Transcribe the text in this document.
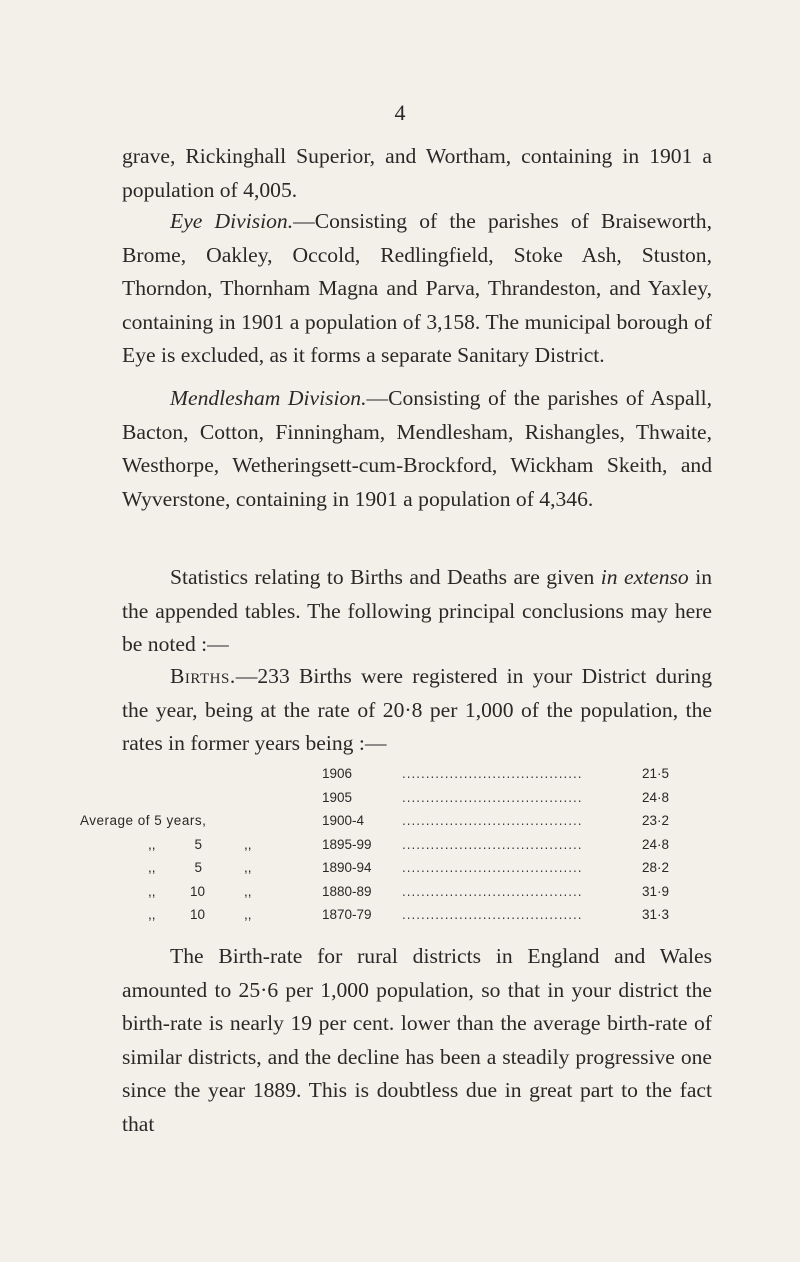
4

grave, Rickinghall Superior, and Wortham, containing in 1901 a population of 4,005.

Eye Division.—Consisting of the parishes of Braiseworth, Brome, Oakley, Occold, Redlingfield, Stoke Ash, Stuston, Thorndon, Thornham Magna and Parva, Thrandeston, and Yaxley, containing in 1901 a population of 3,158. The municipal borough of Eye is excluded, as it forms a separate Sanitary District.

Mendlesham Division.—Consisting of the parishes of Aspall, Bacton, Cotton, Finningham, Mendlesham, Rishangles, Thwaite, Westhorpe, Wetheringsett-cum-Brockford, Wickham Skeith, and Wyverstone, containing in 1901 a population of 4,346.

Statistics relating to Births and Deaths are given in extenso in the appended tables. The following principal conclusions may here be noted :—

Births.—233 Births were registered in your District during the year, being at the rate of 20·8 per 1,000 of the population, the rates in former years being :—

1906	......................................	21·5
1905	......................................	24·8
Average of 5 years,	1900-4	......................................	23·2
,,	5	,,	1895-99 ......................................	24·8
,,	5	,,	1890-94 ......................................	28·2
,,	10	,,	1880-89 ......................................	31·9
,,	10	,,	1870-79 ......................................	31·3

The Birth-rate for rural districts in England and Wales amounted to 25·6 per 1,000 population, so that in your district the birth-rate is nearly 19 per cent. lower than the average birth-rate of similar districts, and the decline has been a steadily progressive one since the year 1889. This is doubtless due in great part to the fact that
